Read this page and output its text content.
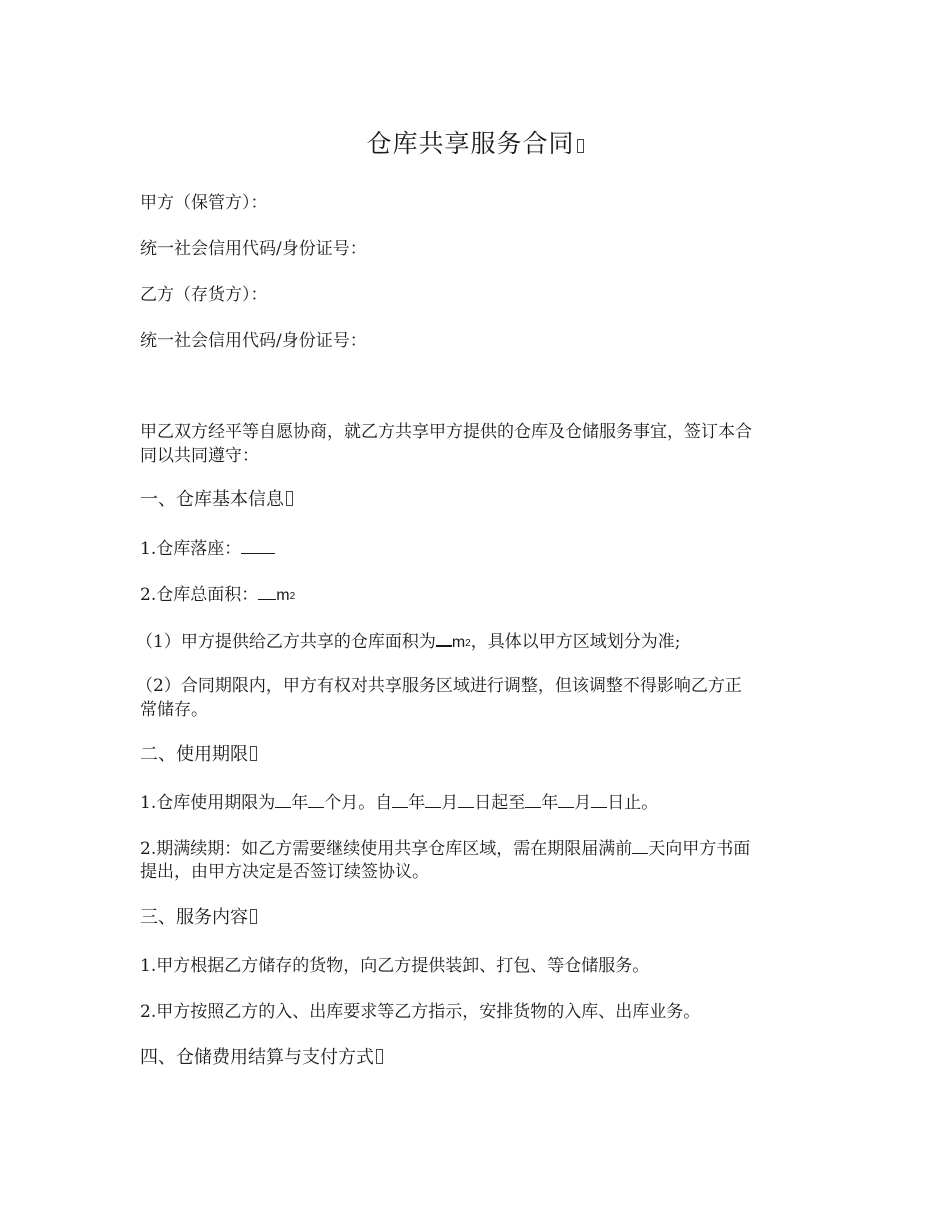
仓库共享服务合同
甲方（保管方）：
统一社会信用代码/身份证号：
乙方（存货方）：
统一社会信用代码/身份证号：
甲乙双方经平等自愿协商，就乙方共享甲方提供的仓库及仓储服务事宜，签订本合
同以共同遵守：
一、仓库基本信息
1.仓库落座：
2.仓库总面积： m2
（1）甲方提供给乙方共享的仓库面积为 m2，具体以甲方区域划分为准;
（2）合同期限内，甲方有权对共享服务区域进行调整，但该调整不得影响乙方正
常储存。
二、使用期限
1.仓库使用期限为 年 个月。自 年 月 日起至 年 月 日止。
2.期满续期：如乙方需要继续使用共享仓库区域，需在期限届满前 天向甲方书面
提出，由甲方决定是否签订续签协议。
三、服务内容
1.甲方根据乙方储存的货物，向乙方提供装卸、打包、等仓储服务。
2.甲方按照乙方的入、出库要求等乙方指示，安排货物的入库、出库业务。
四、仓储费用结算与支付方式
